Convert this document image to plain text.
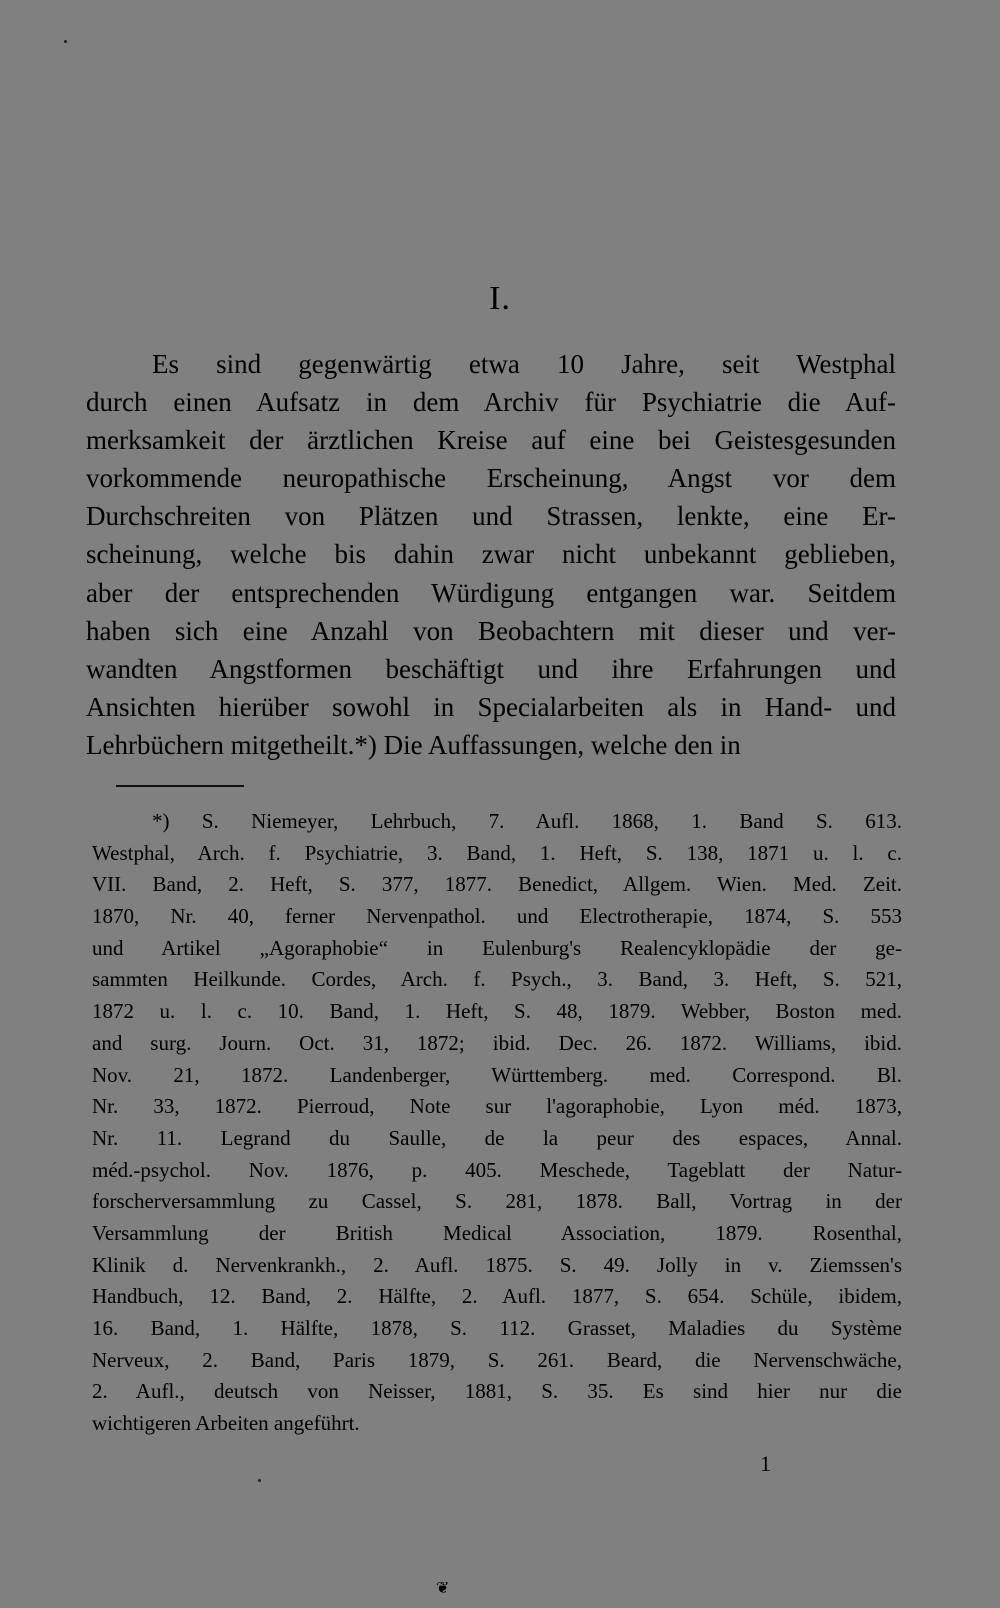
I.
Es sind gegenwärtig etwa 10 Jahre, seit Westphal
durch einen Aufsatz in dem Archiv für Psychiatrie die Auf-
merksamkeit der ärztlichen Kreise auf eine bei Geistesgesunden
vorkommende neuropathische Erscheinung, Angst vor dem
Durchschreiten von Plätzen und Strassen, lenkte, eine Er-
scheinung, welche bis dahin zwar nicht unbekannt geblieben,
aber der entsprechenden Würdigung entgangen war. Seitdem
haben sich eine Anzahl von Beobachtern mit dieser und ver-
wandten Angstformen beschäftigt und ihre Erfahrungen und
Ansichten hierüber sowohl in Specialarbeiten als in Hand- und
Lehrbüchern mitgetheilt.*) Die Auffassungen, welche den in
*) S. Niemeyer, Lehrbuch, 7. Aufl. 1868, 1. Band S. 613.
Westphal, Arch. f. Psychiatrie, 3. Band, 1. Heft, S. 138, 1871 u. l. c.
VII. Band, 2. Heft, S. 377, 1877. Benedict, Allgem. Wien. Med. Zeit.
1870, Nr. 40, ferner Nervenpathol. und Electrotherapie, 1874, S. 553
und Artikel „Agoraphobie“ in Eulenburg's Realencyklopädie der ge-
sammten Heilkunde. Cordes, Arch. f. Psych., 3. Band, 3. Heft, S. 521,
1872 u. l. c. 10. Band, 1. Heft, S. 48, 1879. Webber, Boston med.
and surg. Journ. Oct. 31, 1872; ibid. Dec. 26. 1872. Williams, ibid.
Nov. 21, 1872. Landenberger, Württemberg. med. Correspond. Bl.
Nr. 33, 1872. Pierroud, Note sur l'agoraphobie, Lyon méd. 1873,
Nr. 11. Legrand du Saulle, de la peur des espaces, Annal.
méd.-psychol. Nov. 1876, p. 405. Meschede, Tageblatt der Natur-
forscherversammlung zu Cassel, S. 281, 1878. Ball, Vortrag in der
Versammlung der British Medical Association, 1879. Rosenthal,
Klinik d. Nervenkrankh., 2. Aufl. 1875. S. 49. Jolly in v. Ziemssen's
Handbuch, 12. Band, 2. Hälfte, 2. Aufl. 1877, S. 654. Schüle, ibidem,
16. Band, 1. Hälfte, 1878, S. 112. Grasset, Maladies du Système
Nerveux, 2. Band, Paris 1879, S. 261. Beard, die Nervenschwäche,
2. Aufl., deutsch von Neisser, 1881, S. 35. Es sind hier nur die
wichtigeren Arbeiten angeführt.
1
❦
